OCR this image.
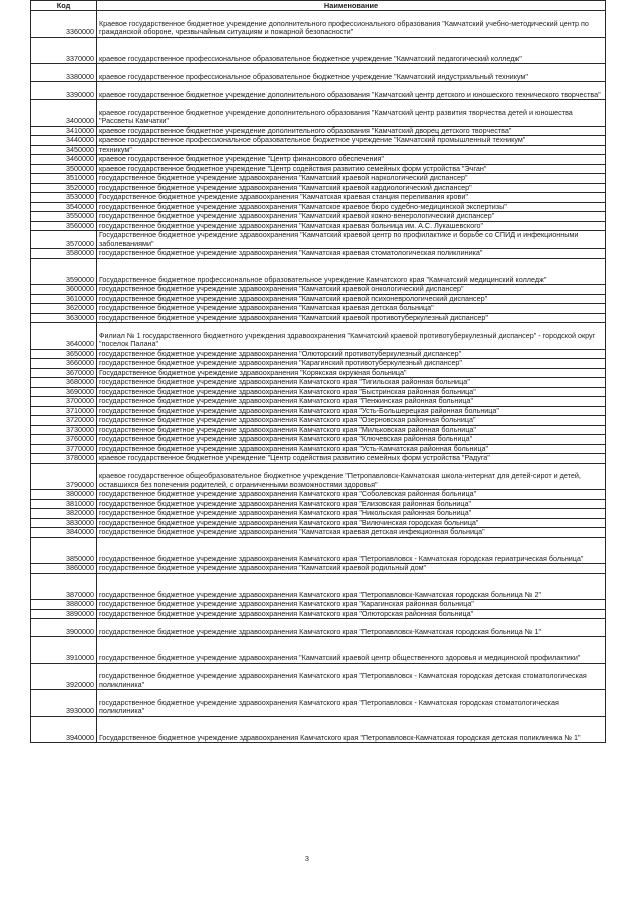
Код	Наименование
3360000	Краевое государственное бюджетное учреждение дополнительного профессионального образования "Камчатский учебно-методический центр по гражданской обороне, чрезвычайным ситуациям и пожарной безопасности"
3370000	краевое государственное профессиональное образовательное бюджетное учреждение "Камчатский педагогический колледж"
3380000	краевое государственное профессиональное образовательное бюджетное учреждение "Камчатский индустриальный техникум"
3390000	краевое государственное бюджетное учреждение дополнительного образования "Камчатский центр детского и юношеского технического творчества"
3400000	краевое государственное бюджетное учреждение дополнительного образования "Камчатский центр развития творчества детей и юношества "Рассветы Камчатки"
3410000	краевое государственное бюджетное учреждение дополнительного образования "Камчатский дворец детского творчества"
3440000	краевое государственное профессиональное образовательное бюджетное учреждение "Камчатский промышленный техникум"
3450000	техникум"
3460000	краевое государственное бюджетное учреждение "Центр финансового обеспечения"
3500000	краевое государственное бюджетное учреждение "Центр содействия развитию семейных форм устройства "Эчган"
3510000	государственное бюджетное учреждение здравоохранения "Камчатский краевой наркологический диспансер"
3520000	государственное бюджетное учреждение здравоохранения "Камчатский краевой кардиологический диспансер"
3530000	Государственное бюджетное учреждение здравоохранения "Камчатская краевая станция переливания крови"
3540000	государственное бюджетное учреждение здравоохранения "Камчатское краевое бюро судебно-медицинской экспертизы"
3550000	государственное бюджетное учреждение здравоохранения "Камчатский краевой кожно-венерологический диспансер"
3560000	государственное бюджетное учреждение здравоохранения "Камчатская краевая больница им. А.С. Лукашевского"
3570000	Государственное бюджетное учреждение здравоохранения "Камчатский краевой центр по профилактике и борьбе со СПИД и инфекционными заболеваниями"
3580000	государственное бюджетное учреждение здравоохранения "Камчатская краевая стоматологическая поликлиника"
3590000	Государственное бюджетное профессиональное образовательное учреждение Камчатского края "Камчатский медицинский колледж"
3600000	государственное бюджетное учреждение здравоохранения "Камчатский краевой онкологический диспансер"
3610000	государственное бюджетное учреждение здравоохранения "Камчатский краевой психоневрологический диспансер"
3620000	государственное бюджетное учреждение здравоохранения "Камчатская краевая детская больница"
3630000	государственное бюджетное учреждение здравоохранения "Камчатский краевой противотуберкулезный диспансер"
3640000	Филиал № 1 государственного бюджетного учреждения здравоохранения "Камчатский краевой противотуберкулезный диспансер" - городской округ "поселок Палана"
3650000	государственное бюджетное учреждение здравоохранения "Олюторский противотуберкулезный диспансер"
3660000	государственное бюджетное учреждение здравоохранения "Карагинский противотуберкулезный диспансер"
3670000	Государственное бюджетное учреждение здравоохранения "Корякская окружная больница"
3680000	государственное бюджетное учреждение здравоохранения Камчатского края "Тигильская районная больница"
3690000	государственное бюджетное учреждение здравоохранения Камчатского края "Быстринская районная больница"
3700000	государственное бюджетное учреждение здравоохранения Камчатского края "Пенжинская районная больница"
3710000	государственное бюджетное учреждение здравоохранения Камчатского края "Усть-Большерецкая районная больница"
3720000	государственное бюджетное учреждение здравоохранения Камчатского края "Озерновская районная больница"
3730000	государственное бюджетное учреждение здравоохранения Камчатского края "Мильковская районная больница"
3760000	государственное бюджетное учреждение здравоохранения Камчатского края "Ключевская районная больница"
3770000	государственное бюджетное учреждение здравоохранения Камчатского края "Усть-Камчатская районная больница"
3780000	краевое государственное бюджетное учреждение "Центр содействия развитию семейных форм устройства "Радуга"
3790000	краевое государственное общеобразовательное бюджетное учреждение "Петропавловск-Камчатская школа-интернат для детей-сирот и детей, оставшихся без попечения родителей, с ограниченными возможностями здоровья"
3800000	государственное бюджетное учреждение здравоохранения Камчатского края "Соболевская районная больница"
3810000	государственное бюджетное учреждение здравоохранения Камчатского края "Елизовская районная больница"
3820000	государственное бюджетное учреждение здравоохранения Камчатского края "Никольская районная больница"
3830000	государственное бюджетное учреждение здравоохранения Камчатского края "Вилючинская городская больница"
3840000	государственное бюджетное учреждение здравоохранения "Камчатская краевая детская инфекционная больница"
3850000	государственное бюджетное учреждение здравоохранения Камчатского края "Петропавловск - Камчатская городская гериатрическая больница"
3860000	государственное бюджетное учреждение здравоохранения "Камчатский краевой родильный дом"
3870000	государственное бюджетное учреждение здравоохранения Камчатского края "Петропавловск-Камчатская городская больница № 2"
3880000	государственное бюджетное учреждение здравоохранения Камчатского края "Карагинская районная больница"
3890000	государственное бюджетное учреждение здравоохранения Камчатского края "Олюторская районная больница"
3900000	государственное бюджетное учреждение здравоохранения Камчатского края "Петропавловск-Камчатская городская больница № 1"
3910000	государственное бюджетное учреждение здравоохранения "Камчатский краевой центр общественного здоровья и медицинской профилактики"
3920000	государственное бюджетное учреждение здравоохранения Камчатского края "Петропавловск - Камчатская городская детская стоматологическая поликлиника"
3930000	государственное бюджетное учреждение здравоохранения Камчатского края "Петропавловск - Камчатская городская стоматологическая поликлиника"
3940000	Государственное бюджетное учреждение здравоохранения Камчатского края "Петропавловск-Камчатская городская детская поликлиника № 1"
3
